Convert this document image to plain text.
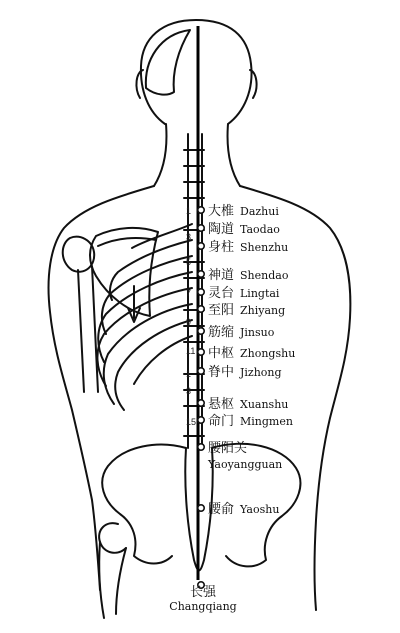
1
3
5
7
9
11
1
3
15
大椎 Dazhui
陶道 Taodao
身柱 Shenzhu
神道 Shendao
灵台 Lingtai
至阳 Zhiyang
筋缩 Jinsuo
中枢 Zhongshu
脊中 Jizhong
悬枢 Xuanshu
命门 Mingmen
腰阳关
Yaoyangguan
腰俞 Yaoshu
长强
Changqiang
